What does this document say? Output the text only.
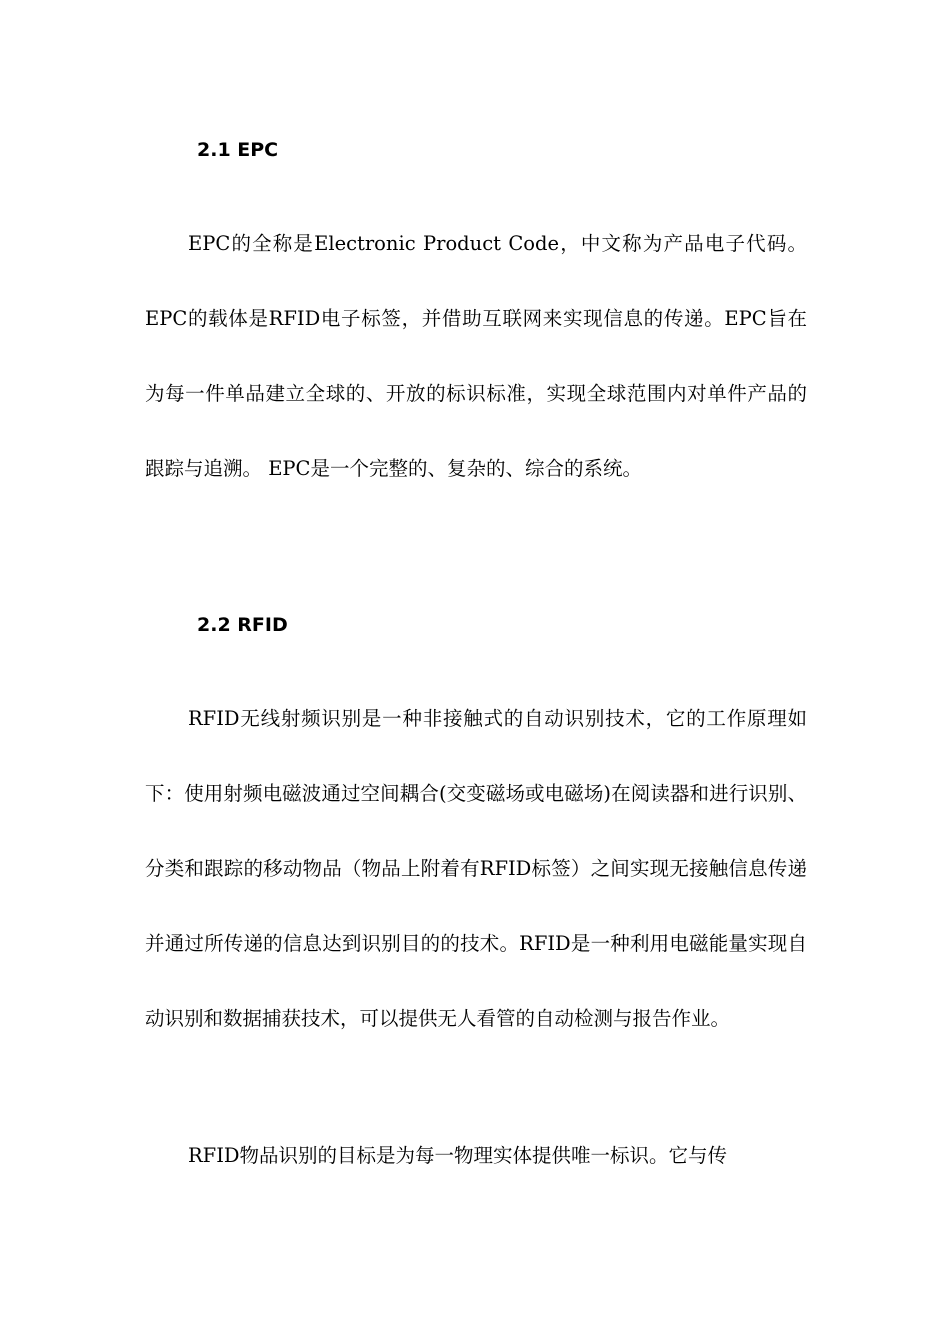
2.1 EPC

EPC的全称是Electronic Product Code，中文称为产品电子代码。EPC的载体是RFID电子标签，并借助互联网来实现信息的传递。EPC旨在为每一件单品建立全球的、开放的标识标准，实现全球范围内对单件产品的跟踪与追溯。 EPC是一个完整的、复杂的、综合的系统。

2.2 RFID

RFID无线射频识别是一种非接触式的自动识别技术，它的工作原理如下：使用射频电磁波通过空间耦合(交变磁场或电磁场)在阅读器和进行识别、分类和跟踪的移动物品（物品上附着有RFID标签）之间实现无接触信息传递并通过所传递的信息达到识别目的的技术。RFID是一种利用电磁能量实现自动识别和数据捕获技术，可以提供无人看管的自动检测与报告作业。

RFID物品识别的目标是为每一物理实体提供唯一标识。它与传
